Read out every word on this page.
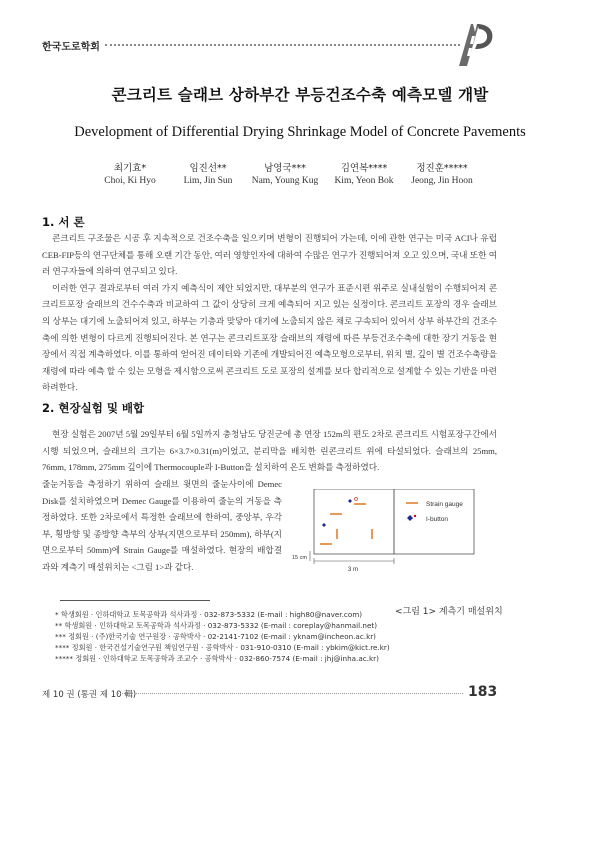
한국도로학회
콘크리트 슬래브 상하부간 부등건조수축 예측모델 개발
Development of Differential Drying Shrinkage Model of Concrete Pavements
최기효*
Choi, Ki Hyo
임진선**
Lim, Jin Sun
남영국***
Nam, Young Kug
김연복****
Kim, Yeon Bok
정진훈*****
Jeong, Jin Hoon
1. 서 론

콘크리트 구조물은 시공 후 지속적으로 건조수축을 일으키며 변형이 진행되어 가는데, 이에 관한 연구는 미국 ACI나 유럽 CEB-FIP등의 연구단체를 통해 오랜 기간 동안, 여러 영향인자에 대하여 수많은 연구가 진행되어져 오고 있으며, 국내 또한 여러 연구자들에 의하여 연구되고 있다.

이러한 연구 결과로부터 여러 가지 예측식이 제안 되었지만, 대부분의 연구가 표준시편 위주로 실내실험이 수행되어져 콘크리트포장 슬래브의 건수수축과 비교하여 그 값이 상당히 크게 예측되어 지고 있는 실정이다. 콘크리트 포장의 경우 슬래브의 상부는 대기에 노출되어져 있고, 하부는 기층과 맞닿아 대기에 노출되지 않은 채로 구속되어 있어서 상부 하부간의 건조수축에 의한 변형이 다르게 진행되어진다. 본 연구는 콘크리트포장 슬래브의 재령에 따른 부등건조수축에 대한 장기 거동을 현장에서 직접 계측하였다. 이를 통하여 얻어진 데이터와 기존에 개발되어진 예측모형으로부터, 위치 별, 깊이 별 건조수축량을 재령에 따라 예측 할 수 있는 모형을 제시함으로써 콘크리트 도로 포장의 설계를 보다 합리적으로 설계할 수 있는 기반을 마련하려한다.

2. 현장실험 및 배합

현장 실험은 2007년 5월 29일부터 6월 5일까지 충청남도 당진군에 총 연장 152m의 편도 2차로 콘크리트 시험포장구간에서 시행 되었으며, 슬래브의 크기는 6×3.7×0.31(m)이었고, 분리막을 배치한 린콘크리트 위에 타설되었다. 슬래브의 25mm, 76mm, 178mm, 275mm 깊이에 Thermocouple과 I-Button을 설치하여 온도 변화를 측정하였다.

줄눈거동을 측정하기 위하여 슬래브 윗면의 줄눈사이에 Demec Disk를 설치하였으며 Demec Gauge를 이용하여 줄눈의 거동을 측정하였다. 또한 2차로에서 특정한 슬래브에 한하여, 중앙부, 우각부, 횡방향 및 종방향 측부의 상부(지면으로부터 250mm), 하부(지면으로부터 50mm)에 Strain Gauge를 매설하였다. 현장의 배합결과와 계측기 매설위치는 <그림 1>과 같다.

Strain gauge
I-button
15 cm
3 m
<그림 1> 계측기 매설위치
* 학생회원 · 인하대학교 토목공학과 석사과정 · 032-873-5332 (E-mail : high80@naver.com)
** 학생회원 · 인하대학교 토목공학과 석사과정 · 032-873-5332 (E-mail : coreplay@hanmail.net)
*** 정회원 · (주)한국기술 연구원장 · 공학박사 · 02-2141-7102 (E-mail : yknam@incheon.ac.kr)
**** 정회원 · 한국건설기술연구원 책임연구원 · 공학박사 · 031-910-0310 (E-mail : ybkim@kict.re.kr)
***** 정회원 · 인하대학교 토목공학과 조교수 · 공학박사 · 032-860-7574 (E-mail : jhj@inha.ac.kr)
제 10 권 (통권 제 10 輯)	183
